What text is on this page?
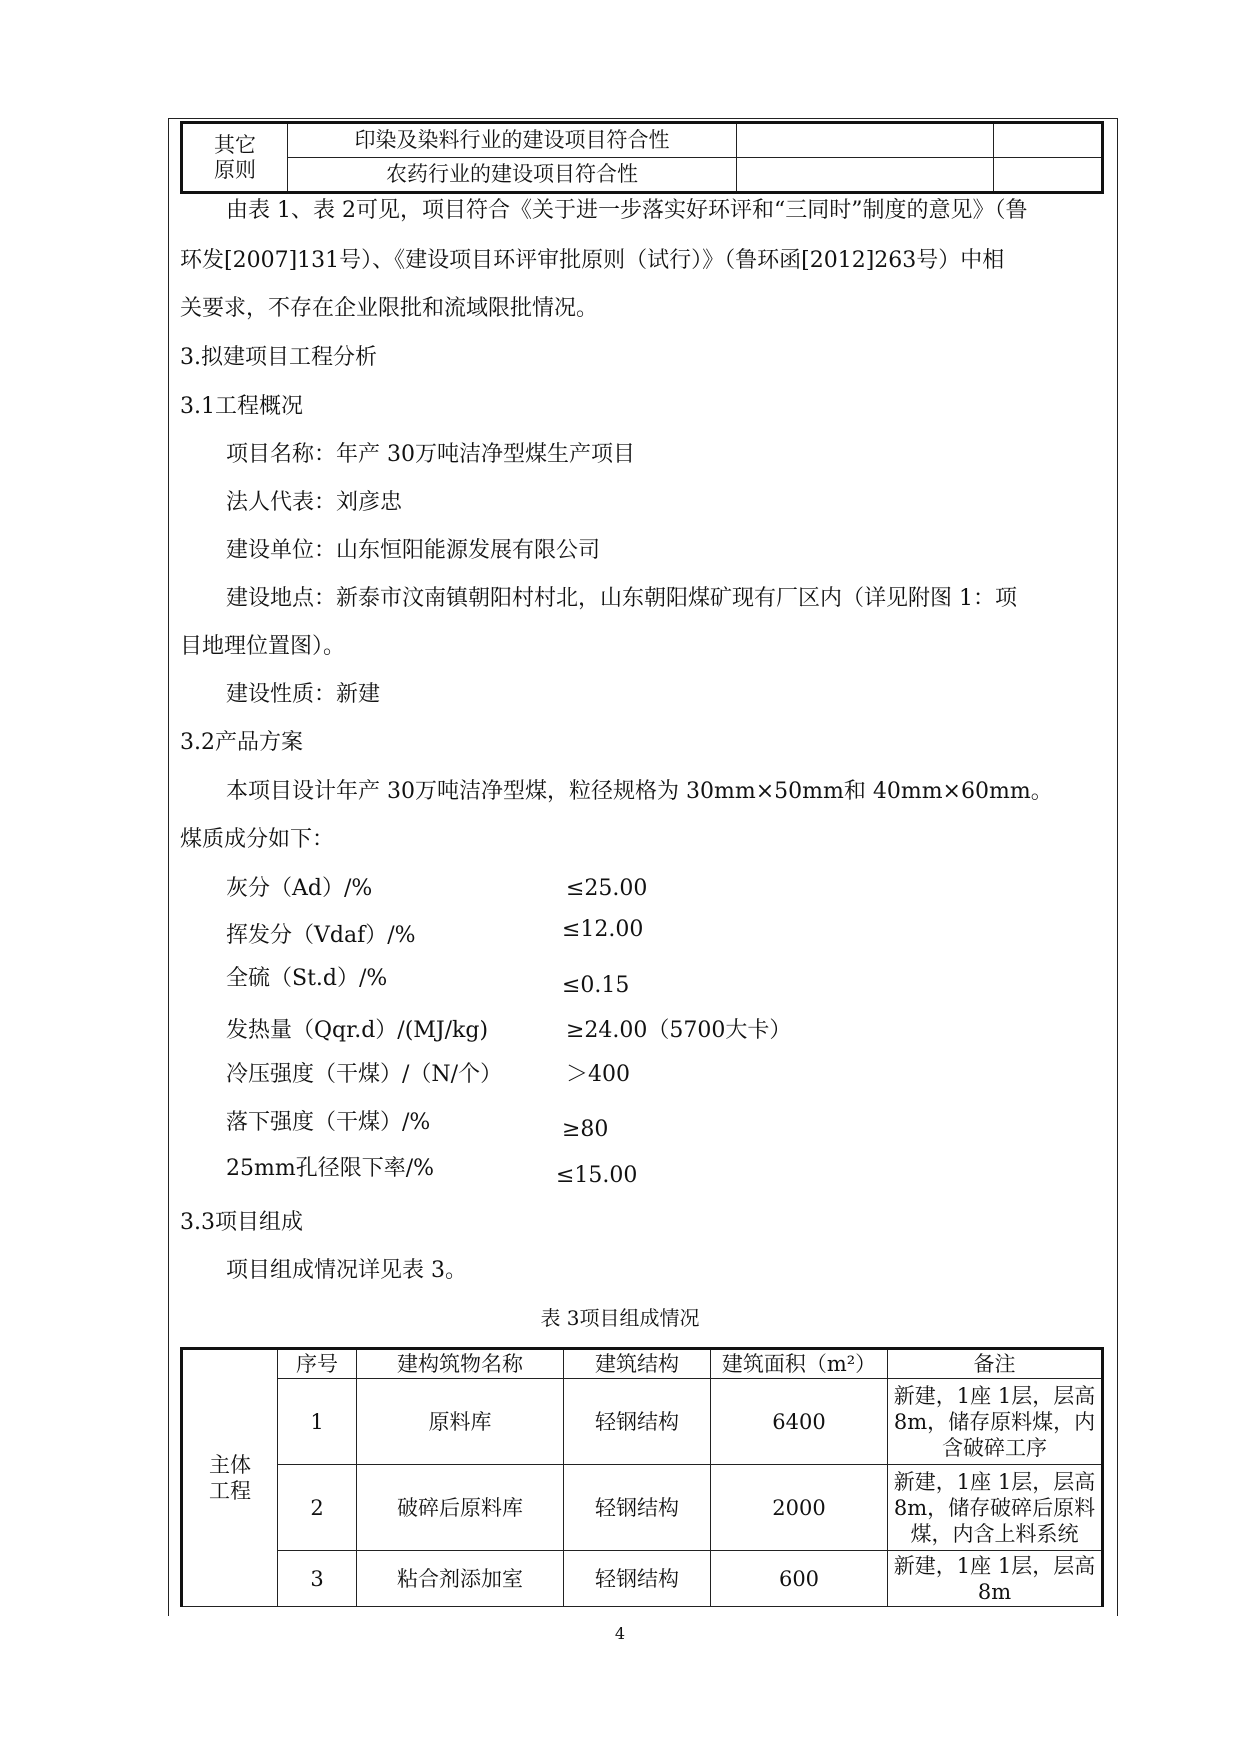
其它
原则	印染及染料行业的建设项目符合性		
	农药行业的建设项目符合性		
由表 1、表 2可见，项目符合《关于进一步落实好环评和“三同时”制度的意见》（鲁
环发[2007]131号）、《建设项目环评审批原则（试行）》（鲁环函[2012]263号）中相
关要求，不存在企业限批和流域限批情况。
3.拟建项目工程分析
3.1工程概况
项目名称：年产 30万吨洁净型煤生产项目
法人代表：刘彦忠
建设单位：山东恒阳能源发展有限公司
建设地点：新泰市汶南镇朝阳村村北，山东朝阳煤矿现有厂区内（详见附图 1：项
目地理位置图）。
建设性质：新建
3.2产品方案
本项目设计年产 30万吨洁净型煤，粒径规格为 30mm×50mm和 40mm×60mm。
煤质成分如下：
灰分（Ad）/%	≤25.00
挥发分（Vdaf）/%	≤12.00
全硫（St.d）/%	≤0.15
发热量（Qqr.d）/(MJ/kg)	≥24.00（5700大卡）
冷压强度（干煤）/（N/个）	＞400
落下强度（干煤）/%	≥80
25mm孔径限下率/%	≤15.00
3.3项目组成
项目组成情况详见表 3。
表 3项目组成情况
主体
工程	序号	建构筑物名称	建筑结构	建筑面积（m²）	备注
	1	原料库	轻钢结构	6400	新建，1座 1层，层高 8m，储存原料煤，内含破碎工序
	2	破碎后原料库	轻钢结构	2000	新建，1座 1层，层高 8m，储存破碎后原料煤，内含上料系统
	3	粘合剂添加室	轻钢结构	600	新建，1座 1层，层高 8m
4
